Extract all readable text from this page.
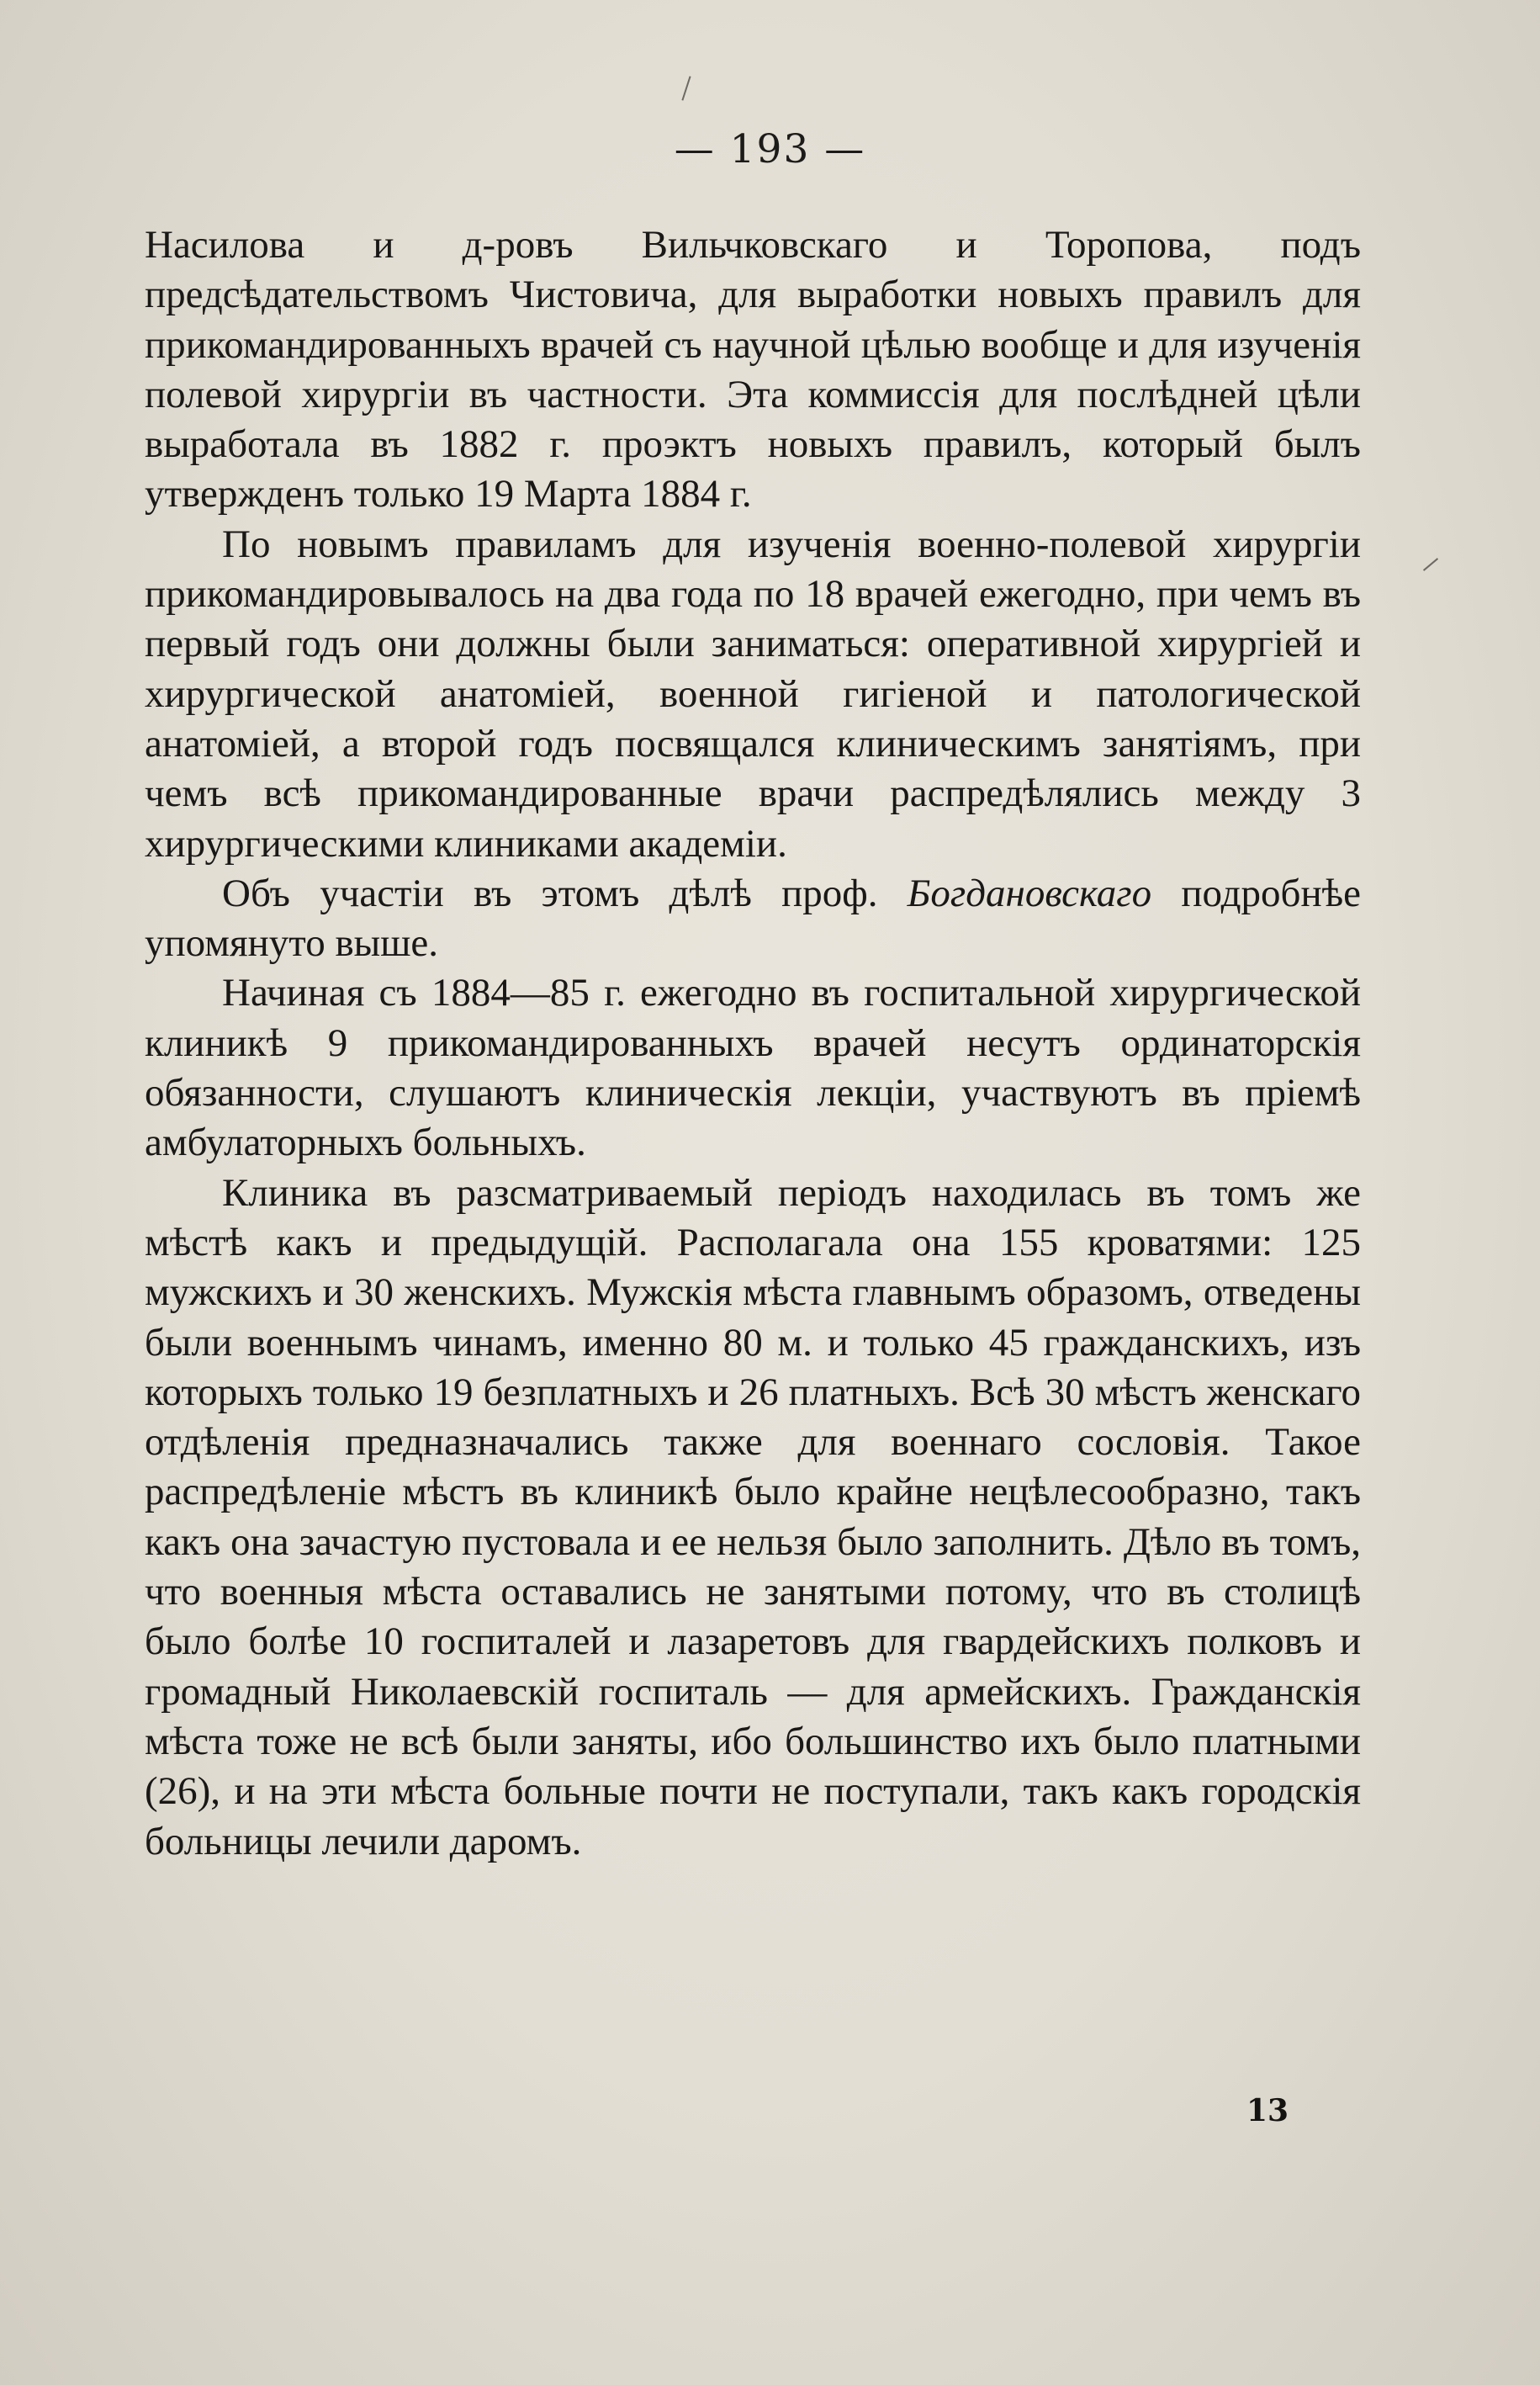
— 193 —

Насилова и д-ровъ Вильчковскаго и Торопова, подъ предсѣдательствомъ Чистовича, для выработки новыхъ правилъ для прикомандированныхъ врачей съ научной цѣлью вообще и для изученія полевой хирургіи въ частности. Эта коммиссія для послѣдней цѣли выработала въ 1882 г. проэктъ новыхъ правилъ, который былъ утвержденъ только 19 Марта 1884 г.

По новымъ правиламъ для изученія военно-полевой хирургіи прикомандировывалось на два года по 18 врачей ежегодно, при чемъ въ первый годъ они должны были заниматься: оперативной хирургіей и хирургической анатоміей, военной гигіеной и патологической анатоміей, а второй годъ посвящался клиническимъ занятіямъ, при чемъ всѣ прикомандированные врачи распредѣлялись между 3 хирургическими клиниками академіи.

Объ участіи въ этомъ дѣлѣ проф. Богдановскаго подробнѣе упомянуто выше.

Начиная съ 1884—85 г. ежегодно въ госпитальной хирургической клиникѣ 9 прикомандированныхъ врачей несутъ ординаторскія обязанности, слушаютъ клиническія лекціи, участвуютъ въ пріемѣ амбулаторныхъ больныхъ.

Клиника въ разсматриваемый періодъ находилась въ томъ же мѣстѣ какъ и предыдущій. Располагала она 155 кроватями: 125 мужскихъ и 30 женскихъ. Мужскія мѣста главнымъ образомъ, отведены были военнымъ чинамъ, именно 80 м. и только 45 гражданскихъ, изъ которыхъ только 19 безплатныхъ и 26 платныхъ. Всѣ 30 мѣстъ женскаго отдѣленія предназначались также для военнаго сословія. Такое распредѣленіе мѣстъ въ клиникѣ было крайне нецѣлесообразно, такъ какъ она зачастую пустовала и ее нельзя было заполнить. Дѣло въ томъ, что военныя мѣста оставались не занятыми потому, что въ столицѣ было болѣе 10 госпиталей и лазаретовъ для гвардейскихъ полковъ и громадный Николаевскій госпиталь — для армейскихъ. Гражданскія мѣста тоже не всѣ были заняты, ибо большинство ихъ было платными (26), и на эти мѣста больные почти не поступали, такъ какъ городскія больницы лечили даромъ.

13
